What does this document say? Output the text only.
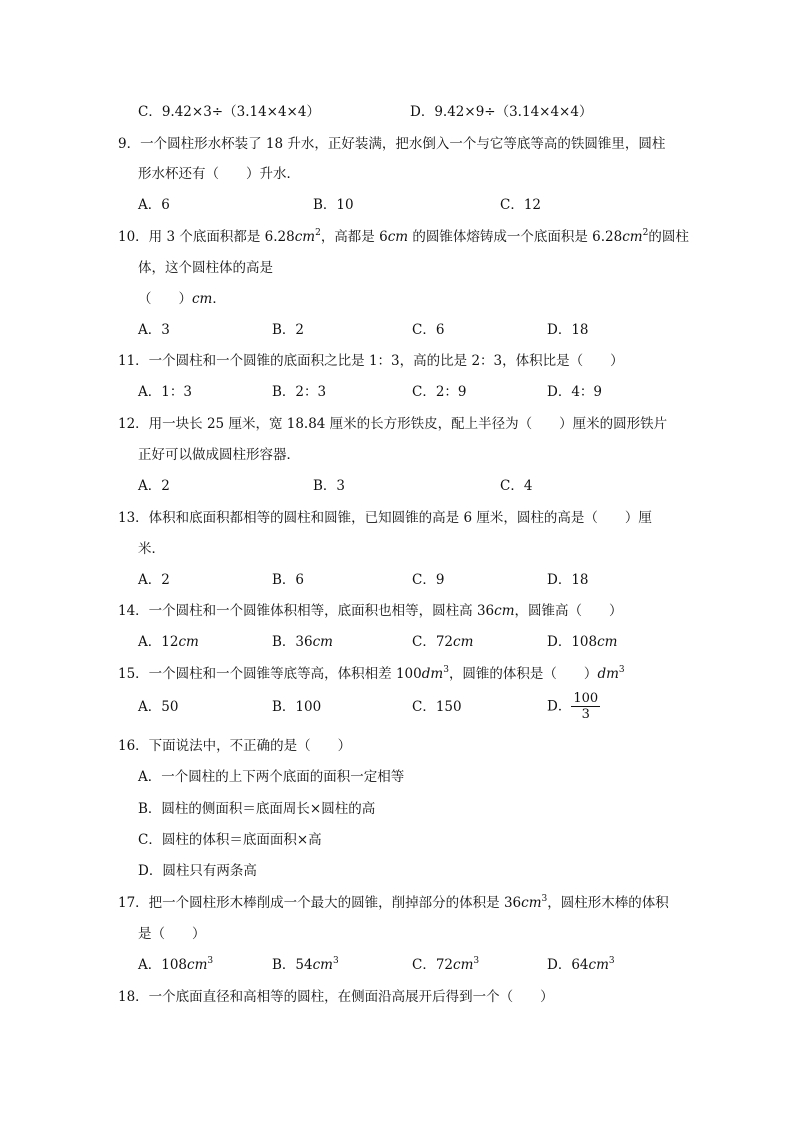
C．9.42×3÷（3.14×4×4）	D．9.42×9÷（3.14×4×4）
9．一个圆柱形水杯装了 18 升水，正好装满，把水倒入一个与它等底等高的铁圆锥里，圆柱
形水杯还有（　　）升水．
A．6	B．10	C．12
10．用 3 个底面积都是 $6.28cm^2$，高都是 6cm 的圆锥体熔铸成一个底面积是 $6.28cm^2$的圆柱
体，这个圆柱体的高是
（　　）cm．
A．3	B．2	C．6	D．18
11．一个圆柱和一个圆锥的底面积之比是 1：3，高的比是 2：3，体积比是（　　）
A．1：3	B．2：3	C．2：9	D．4：9
12．用一块长 25 厘米，宽 18.84 厘米的长方形铁皮，配上半径为（　　）厘米的圆形铁片
正好可以做成圆柱形容器．
A．2	B．3	C．4
13．体积和底面积都相等的圆柱和圆锥，已知圆锥的高是 6 厘米，圆柱的高是（　　）厘
米．
A．2	B．6	C．9	D．18
14．一个圆柱和一个圆锥体积相等，底面积也相等，圆柱高 36cm，圆锥高（　　）
A．12cm	B．36cm	C．72cm	D．108cm
15．一个圆柱和一个圆锥等底等高，体积相差 $100dm^3$，圆锥的体积是（　　）$dm^3$
A．50	B．100	C．150	D． $\frac{100}{3}$
16．下面说法中，不正确的是（　　）
A．一个圆柱的上下两个底面的面积一定相等
B．圆柱的侧面积＝底面周长×圆柱的高
C．圆柱的体积＝底面面积×高
D．圆柱只有两条高
17．把一个圆柱形木棒削成一个最大的圆锥，削掉部分的体积是 $36cm^3$，圆柱形木棒的体积
是（　　）
A．$108cm^3$	B．$54cm^3$	C．$72cm^3$	D．$64cm^3$
18．一个底面直径和高相等的圆柱，在侧面沿高展开后得到一个（　　）
